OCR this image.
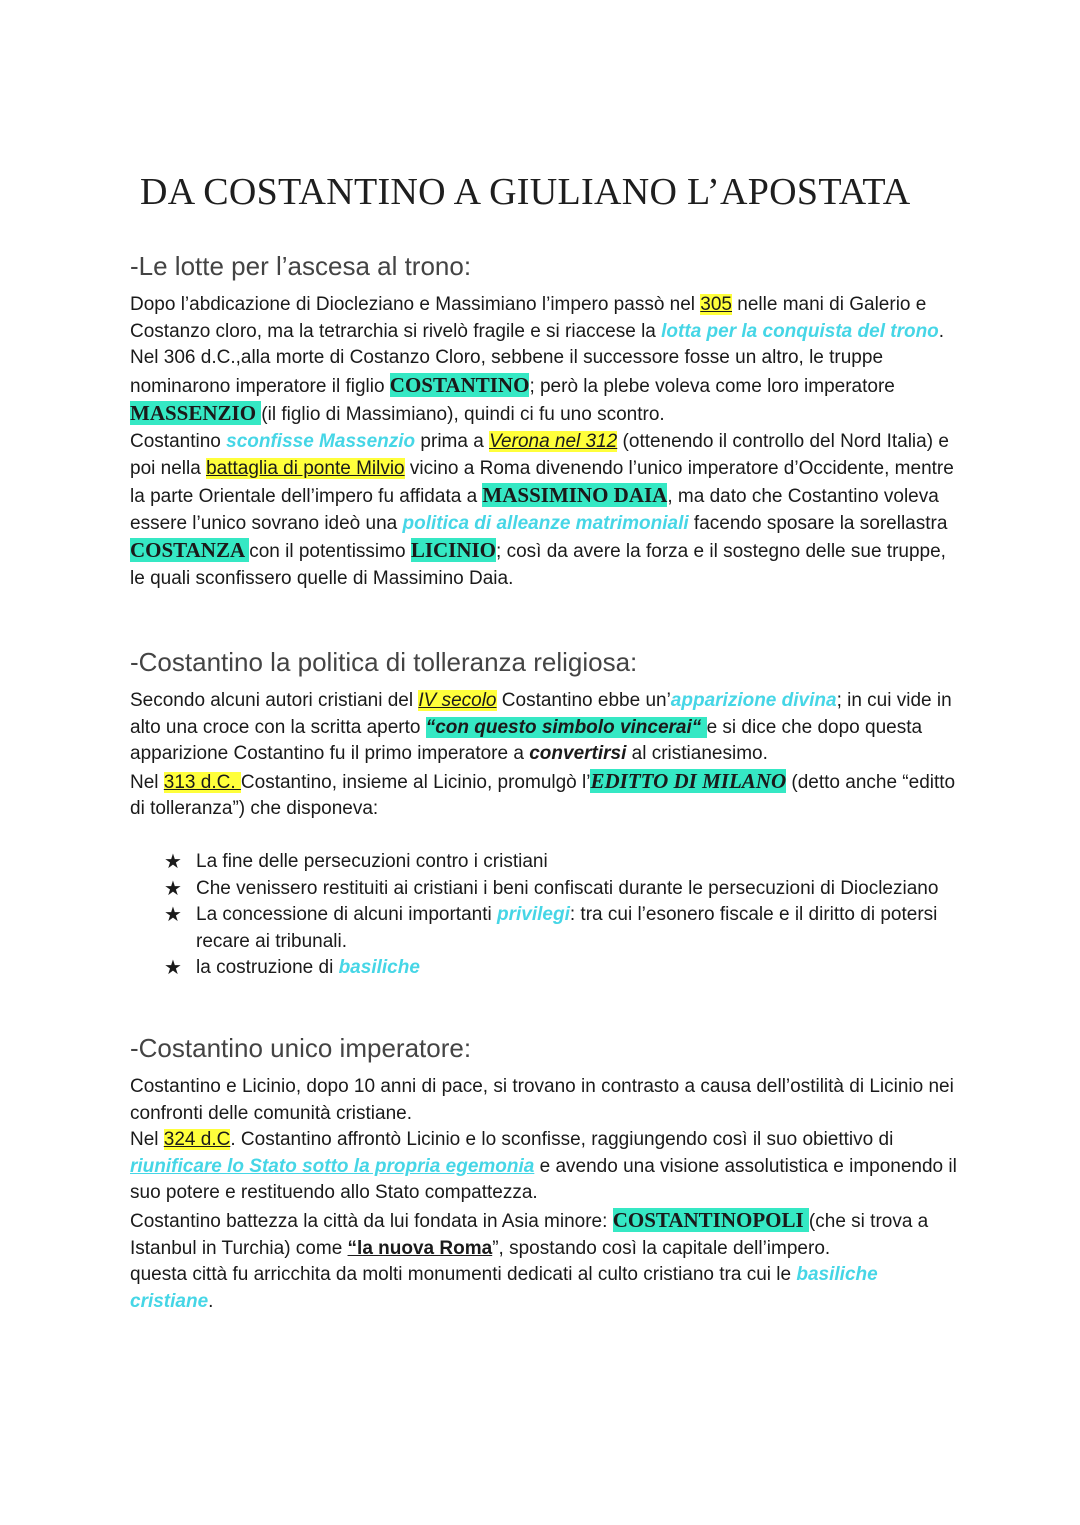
DA COSTANTINO A GIULIANO L’APOSTATA
-Le lotte per l’ascesa al trono:

Dopo l’abdicazione di Diocleziano e Massimiano l’impero passò nel 305 nelle mani di Galerio e Costanzo cloro, ma la tetrarchia si rivelò fragile e si riaccese la lotta per la conquista del trono.

Nel 306 d.C.,alla morte di Costanzo Cloro, sebbene il successore fosse un altro, le truppe nominarono imperatore il figlio COSTANTINO; però la plebe voleva come loro imperatore MASSENZIO (il figlio di Massimiano), quindi ci fu uno scontro.

Costantino sconfisse Massenzio prima a Verona nel 312 (ottenendo il controllo del Nord Italia) e poi nella battaglia di ponte Milvio vicino a Roma divenendo l’unico imperatore d’Occidente, mentre la parte Orientale dell’impero fu affidata a MASSIMINO DAIA, ma dato che Costantino voleva essere l’unico sovrano ideò una politica di alleanze matrimoniali facendo sposare la sorellastra COSTANZA con il potentissimo LICINIO; così da avere la forza e il sostegno delle sue truppe, le quali sconfissero quelle di Massimino Daia.

-Costantino la politica di tolleranza religiosa:

Secondo alcuni autori cristiani del IV secolo Costantino ebbe un’apparizione divina; in cui vide in alto una croce con la scritta aperto “con questo simbolo vincerai“ e si dice che dopo questa apparizione Costantino fu il primo imperatore a convertirsi al cristianesimo.

Nel 313 d.C. Costantino, insieme al Licinio, promulgò l’EDITTO DI MILANO (detto anche “editto di tolleranza”) che disponeva:

★ La fine delle persecuzioni contro i cristiani
★ Che venissero restituiti ai cristiani i beni confiscati durante le persecuzioni di Diocleziano
★ La concessione di alcuni importanti privilegi: tra cui l’esonero fiscale e il diritto di potersi recare ai tribunali.
★ la costruzione di basiliche
-Costantino unico imperatore:

Costantino e Licinio, dopo 10 anni di pace, si trovano in contrasto a causa dell’ostilità di Licinio nei confronti delle comunità cristiane.

Nel 324 d.C. Costantino affrontò Licinio e lo sconfisse, raggiungendo così il suo obiettivo di riunificare lo Stato sotto la propria egemonia e avendo una visione assolutistica e imponendo il suo potere e restituendo allo Stato compattezza.

Costantino battezza la città da lui fondata in Asia minore: COSTANTINOPOLI (che si trova a Istanbul in Turchia) come “la nuova Roma”, spostando così la capitale dell’impero.

questa città fu arricchita da molti monumenti dedicati al culto cristiano tra cui le basiliche cristiane.
